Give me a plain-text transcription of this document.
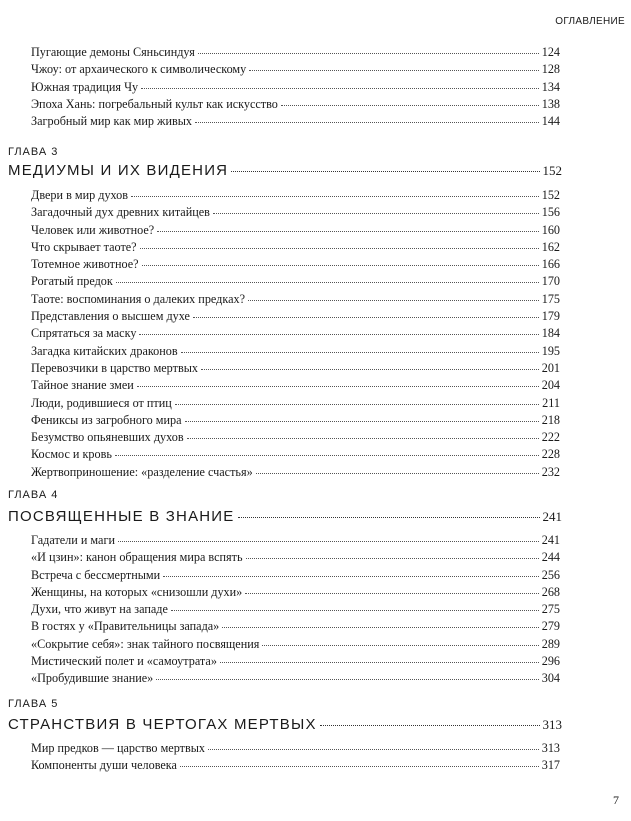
ОГЛАВЛЕНИЕ
Пугающие демоны Сяньсиндуя	124
Чжоу: от архаического к символическому	128
Южная традиция Чу	134
Эпоха Хань: погребальный культ как искусство	138
Загробный мир как мир живых	144
ГЛАВА 3
МЕДИУМЫ И ИХ ВИДЕНИЯ	152
Двери в мир духов	152
Загадочный дух древних китайцев	156
Человек или животное?	160
Что скрывает таоте?	162
Тотемное животное?	166
Рогатый предок	170
Таоте: воспоминания о далеких предках?	175
Представления о высшем духе	179
Спрятаться за маску	184
Загадка китайских драконов	195
Перевозчики в царство мертвых	201
Тайное знание змеи	204
Люди, родившиеся от птиц	211
Фениксы из загробного мира	218
Безумство опьяневших духов	222
Космос и кровь	228
Жертвоприношение: «разделение счастья»	232
ГЛАВА 4
ПОСВЯЩЕННЫЕ В ЗНАНИЕ	241
Гадатели и маги	241
«И цзин»: канон обращения мира вспять	244
Встреча с бессмертными	256
Женщины, на которых «снизошли духи»	268
Духи, что живут на западе	275
В гостях у «Правительницы запада»	279
«Сокрытие себя»: знак тайного посвящения	289
Мистический полет и «самоутрата»	296
«Пробудившие знание»	304
ГЛАВА 5
СТРАНСТВИЯ В ЧЕРТОГАХ МЕРТВЫХ	313
Мир предков — царство мертвых	313
Компоненты души человека	317
7
